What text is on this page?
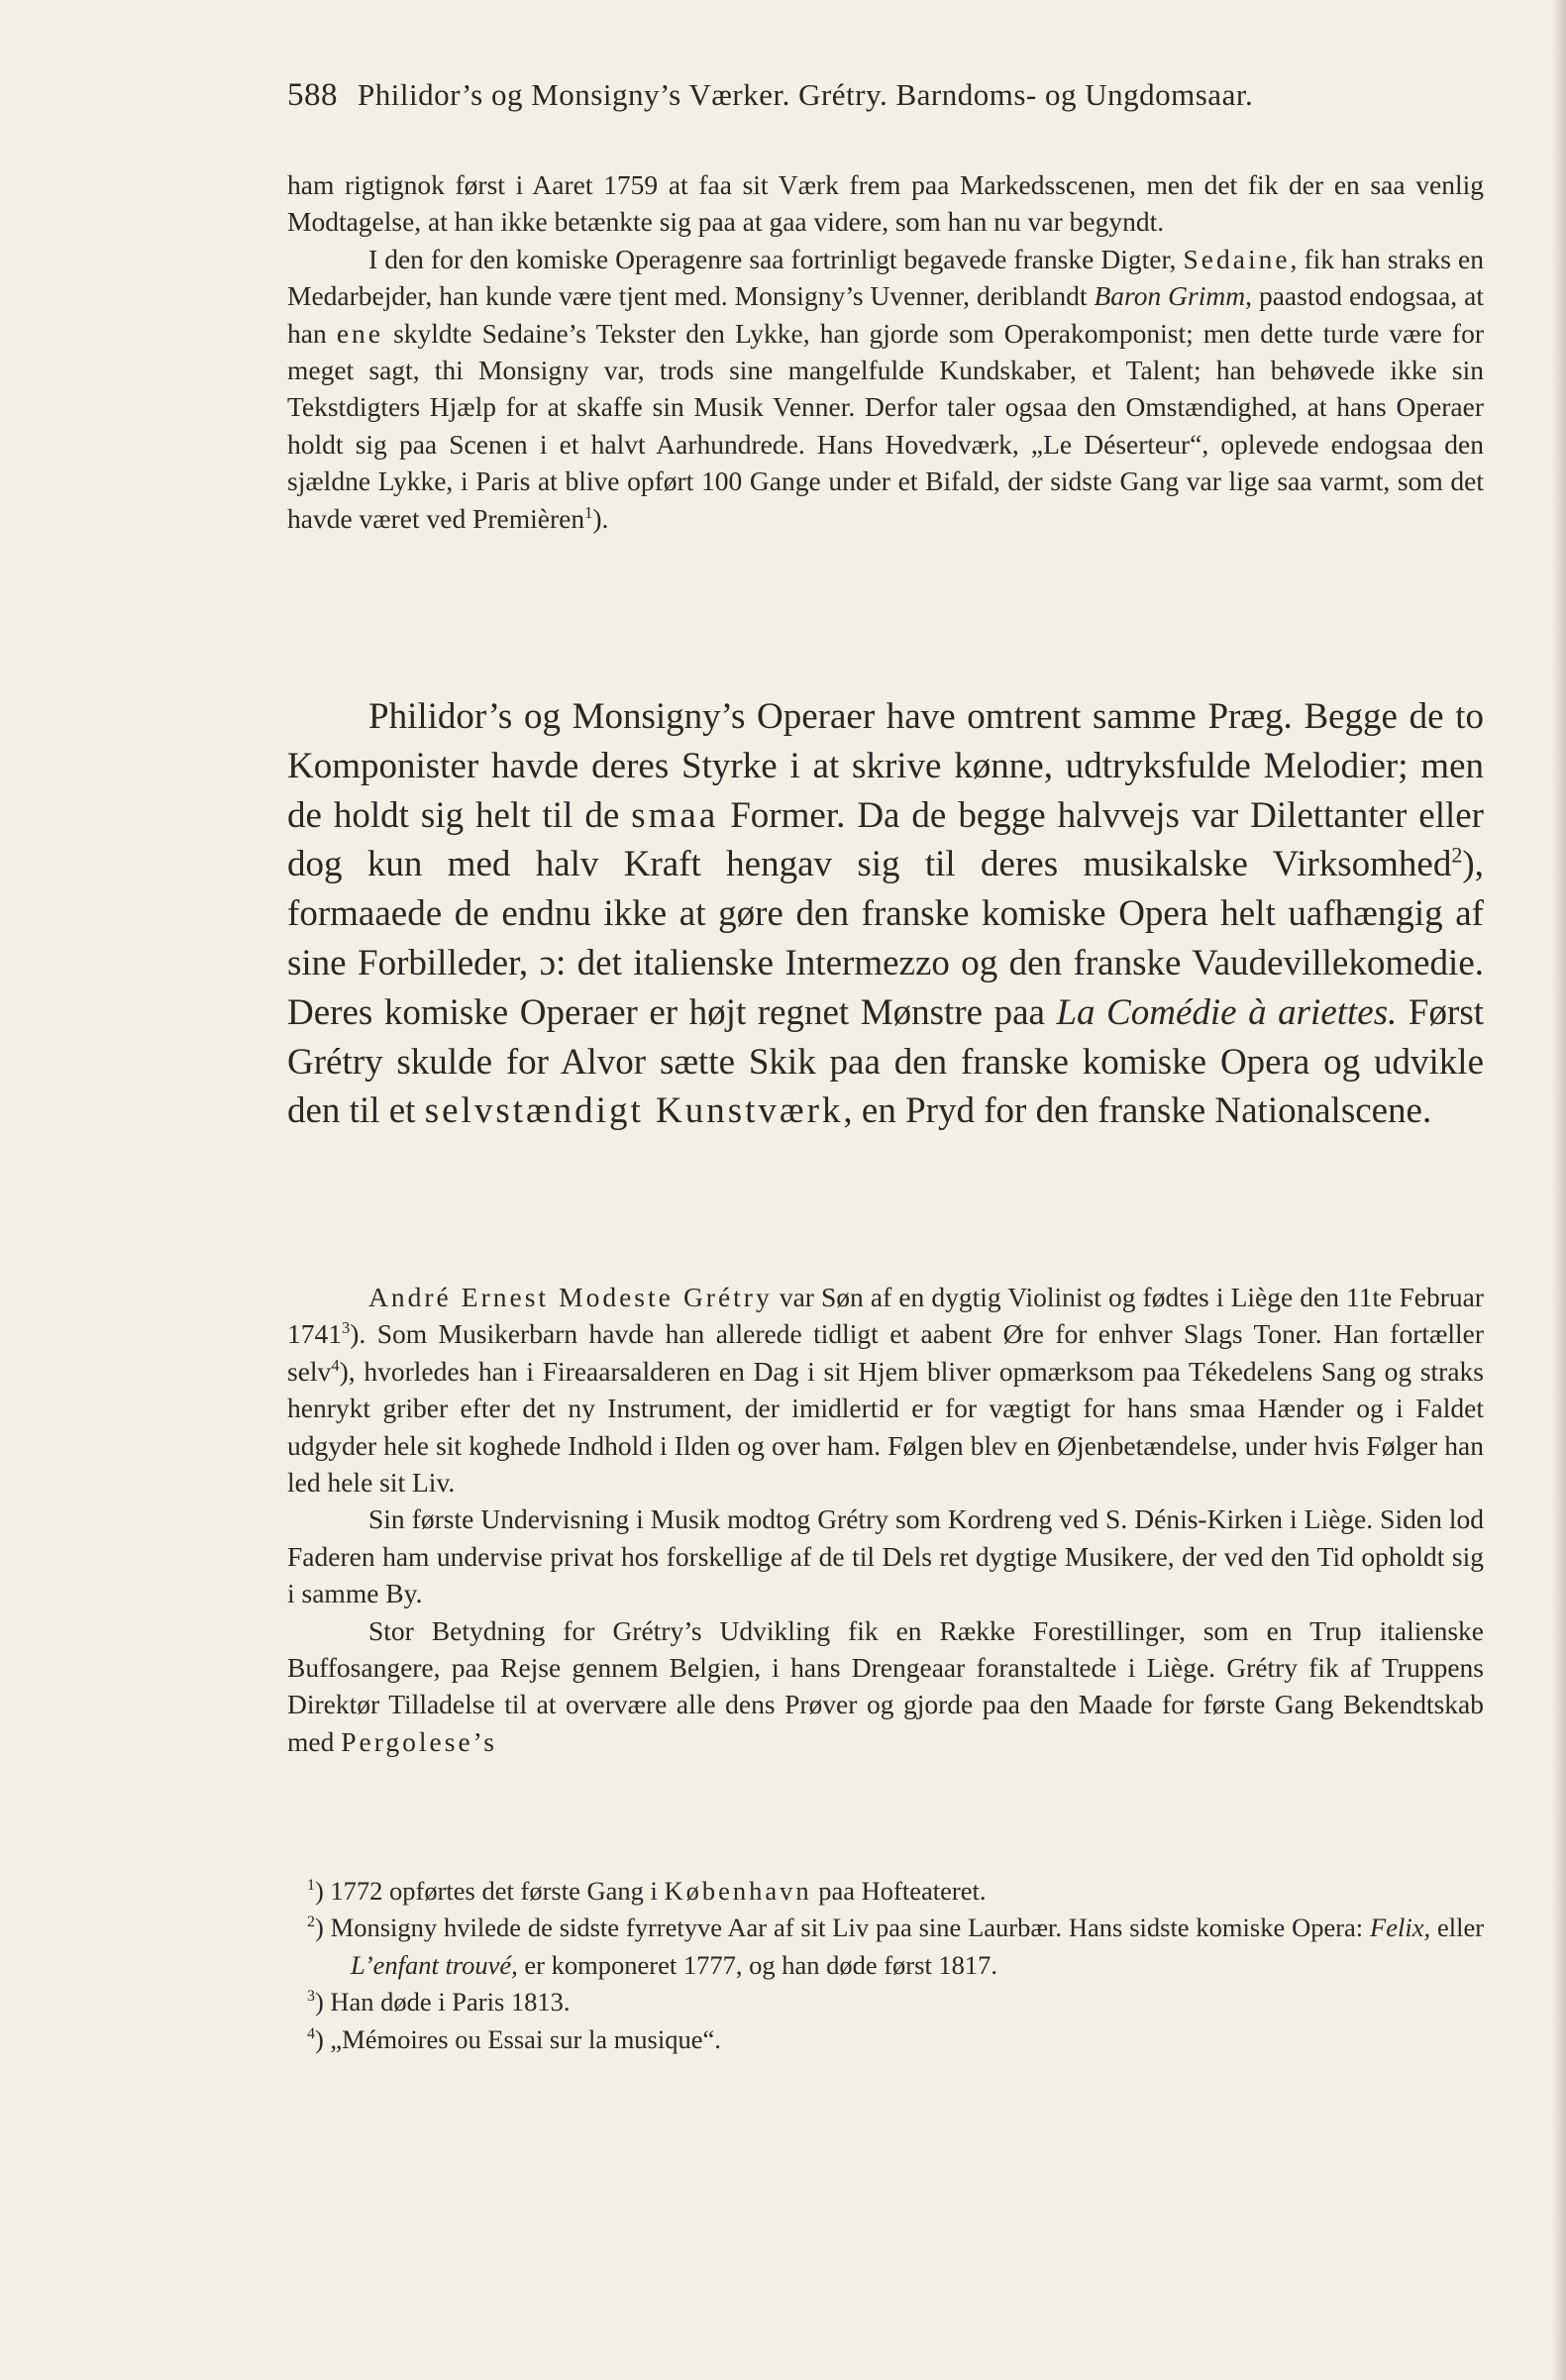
588 Philidor’s og Monsigny’s Værker. Grétry. Barndoms- og Ungdomsaar.

ham rigtignok først i Aaret 1759 at faa sit Værk frem paa Markedsscenen, men det fik der en saa venlig Modtagelse, at han ikke betænkte sig paa at gaa videre, som han nu var begyndt.

I den for den komiske Operagenre saa fortrinligt begavede franske Digter, Sedaine, fik han straks en Medarbejder, han kunde være tjent med. Monsigny’s Uvenner, deriblandt Baron Grimm, paastod endogsaa, at han ene skyldte Sedaine’s Tekster den Lykke, han gjorde som Operakomponist; men dette turde være for meget sagt, thi Monsigny var, trods sine mangelfulde Kundskaber, et Talent; han behøvede ikke sin Tekstdigters Hjælp for at skaffe sin Musik Venner. Derfor taler ogsaa den Omstændighed, at hans Operaer holdt sig paa Scenen i et halvt Aarhundrede. Hans Hovedværk, „Le Déserteur“, oplevede endogsaa den sjældne Lykke, i Paris at blive opført 100 Gange under et Bifald, der sidste Gang var lige saa varmt, som det havde været ved Premièren$^1$).

Philidor’s og Monsigny’s Operaer have omtrent samme Præg. Begge de to Komponister havde deres Styrke i at skrive kønne, udtryksfulde Melodier; men de holdt sig helt til de smaa Former. Da de begge halvvejs var Dilettanter eller dog kun med halv Kraft hengav sig til deres musikalske Virksomhed$^2$), formaaede de endnu ikke at gøre den franske komiske Opera helt uafhængig af sine Forbilleder, ɔ: det italienske Intermezzo og den franske Vaudevillekomedie. Deres komiske Operaer er højt regnet Mønstre paa La Comédie à ariettes. Først Grétry skulde for Alvor sætte Skik paa den franske komiske Opera og udvikle den til et selvstændigt Kunstværk, en Pryd for den franske Nationalscene.

André Ernest Modeste Grétry var Søn af en dygtig Violinist og fødtes i Liège den 11te Februar 1741$^3$). Som Musikerbarn havde han allerede tidligt et aabent Øre for enhver Slags Toner. Han fortæller selv$^4$), hvorledes han i Fireaarsalderen en Dag i sit Hjem bliver opmærksom paa Tékedelens Sang og straks henrykt griber efter det ny Instrument, der imidlertid er for vægtigt for hans smaa Hænder og i Faldet udgyder hele sit koghede Indhold i Ilden og over ham. Følgen blev en Øjenbetændelse, under hvis Følger han led hele sit Liv.

Sin første Undervisning i Musik modtog Grétry som Kordreng ved S. Dénis-Kirken i Liège. Siden lod Faderen ham undervise privat hos forskellige af de til Dels ret dygtige Musikere, der ved den Tid opholdt sig i samme By.

Stor Betydning for Grétry’s Udvikling fik en Række Forestillinger, som en Trup italienske Buffosangere, paa Rejse gennem Belgien, i hans Drengeaar foranstaltede i Liège. Grétry fik af Truppens Direktør Tilladelse til at overvære alle dens Prøver og gjorde paa den Maade for første Gang Bekendtskab med Pergolese’s

$^1$) 1772 opførtes det første Gang i København paa Hofteateret.

$^2$) Monsigny hvilede de sidste fyrretyve Aar af sit Liv paa sine Laurbær. Hans sidste komiske Opera: Felix, eller L’enfant trouvé, er komponeret 1777, og han døde først 1817.

$^3$) Han døde i Paris 1813.

$^4$) „Mémoires ou Essai sur la musique“.
